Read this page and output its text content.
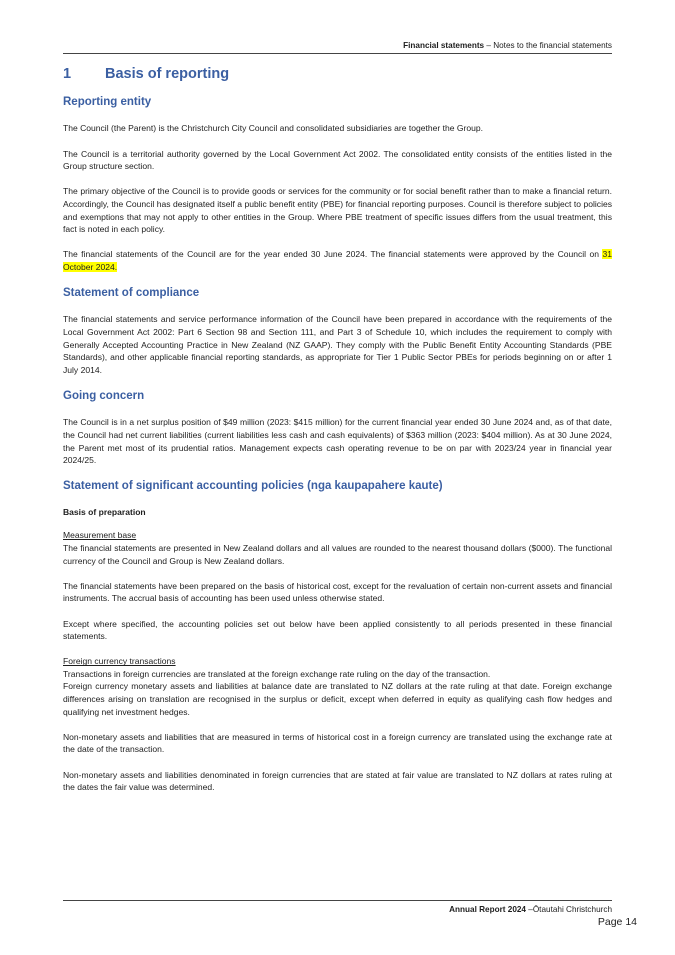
Financial statements – Notes to the financial statements
1	Basis of reporting
Reporting entity

The Council (the Parent) is the Christchurch City Council and consolidated subsidiaries are together the Group.

The Council is a territorial authority governed by the Local Government Act 2002. The consolidated entity consists of the entities listed in the Group structure section.

The primary objective of the Council is to provide goods or services for the community or for social benefit rather than to make a financial return. Accordingly, the Council has designated itself a public benefit entity (PBE) for financial reporting purposes. Council is therefore subject to policies and exemptions that may not apply to other entities in the Group. Where PBE treatment of specific issues differs from the usual treatment, this fact is noted in each policy.

The financial statements of the Council are for the year ended 30 June 2024. The financial statements were approved by the Council on 31 October 2024.

Statement of compliance

The financial statements and service performance information of the Council have been prepared in accordance with the requirements of the Local Government Act 2002: Part 6 Section 98 and Section 111, and Part 3 of Schedule 10, which includes the requirement to comply with Generally Accepted Accounting Practice in New Zealand (NZ GAAP). They comply with the Public Benefit Entity Accounting Standards (PBE Standards), and other applicable financial reporting standards, as appropriate for Tier 1 Public Sector PBEs for periods beginning on or after 1 July 2014.

Going concern

The Council is in a net surplus position of $49 million (2023: $415 million) for the current financial year ended 30 June 2024 and, as of that date, the Council had net current liabilities (current liabilities less cash and cash equivalents) of $363 million (2023: $404 million). As at 30 June 2024, the Parent met most of its prudential ratios. Management expects cash operating revenue to be on par with 2023/24 year in financial year 2024/25.

Statement of significant accounting policies (nga kaupapahere kaute)
Basis of preparation

Measurement base

The financial statements are presented in New Zealand dollars and all values are rounded to the nearest thousand dollars ($000). The functional currency of the Council and Group is New Zealand dollars.

The financial statements have been prepared on the basis of historical cost, except for the revaluation of certain non-current assets and financial instruments. The accrual basis of accounting has been used unless otherwise stated.

Except where specified, the accounting policies set out below have been applied consistently to all periods presented in these financial statements.

Foreign currency transactions

Transactions in foreign currencies are translated at the foreign exchange rate ruling on the day of the transaction.

Foreign currency monetary assets and liabilities at balance date are translated to NZ dollars at the rate ruling at that date. Foreign exchange differences arising on translation are recognised in the surplus or deficit, except when deferred in equity as qualifying cash flow hedges and qualifying net investment hedges.

Non-monetary assets and liabilities that are measured in terms of historical cost in a foreign currency are translated using the exchange rate at the date of the transaction.

Non-monetary assets and liabilities denominated in foreign currencies that are stated at fair value are translated to NZ dollars at rates ruling at the dates the fair value was determined.

Annual Report 2024 –Ōtautahi Christchurch
Page 14
